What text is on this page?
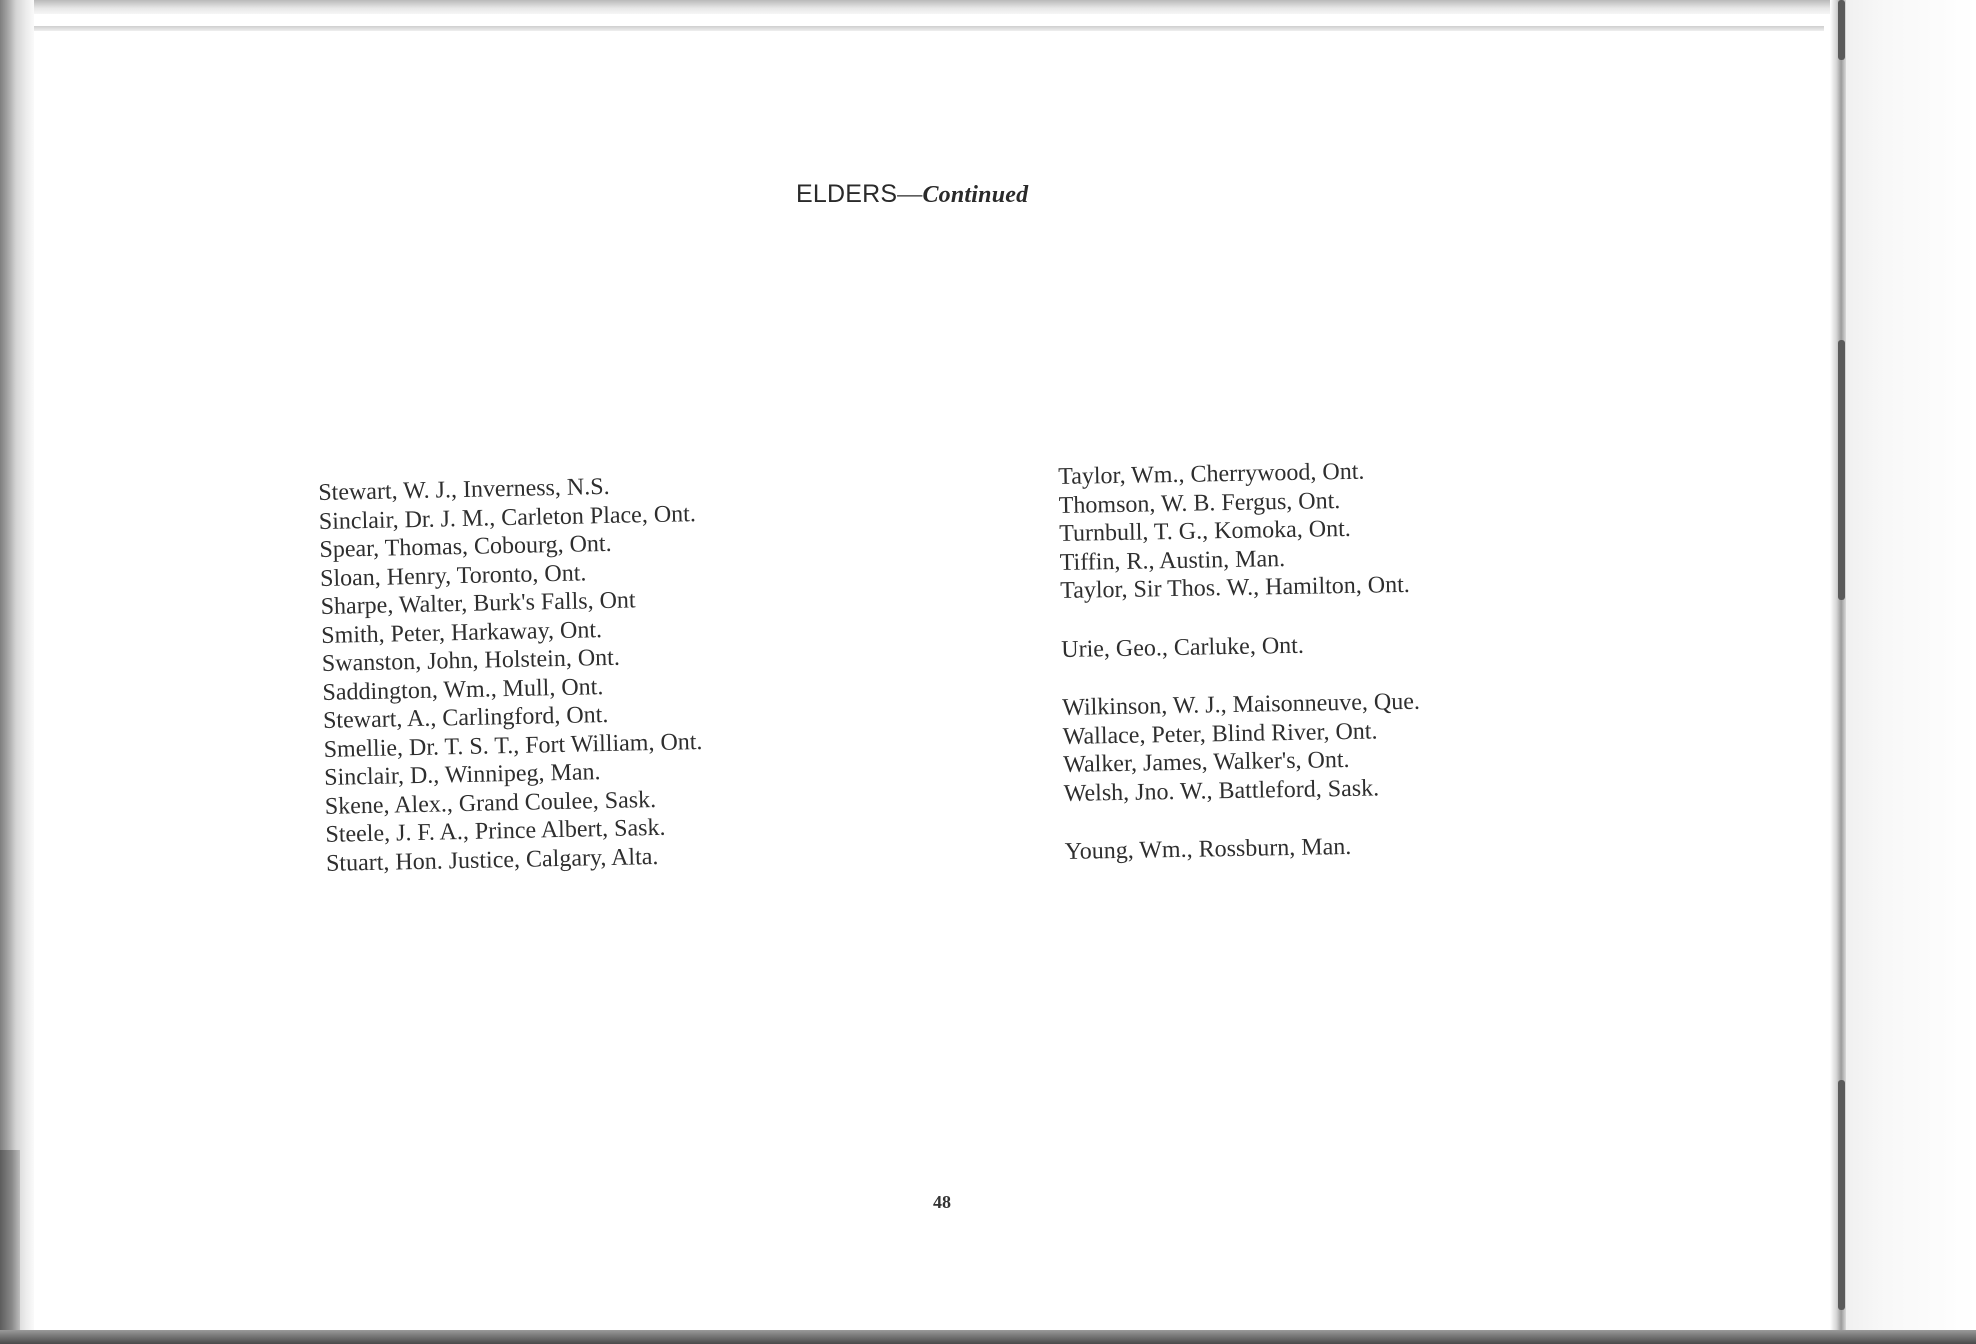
ELDERS—Continued
Stewart, W. J., Inverness, N.S.
Sinclair, Dr. J. M., Carleton Place, Ont.
Spear, Thomas, Cobourg, Ont.
Sloan, Henry, Toronto, Ont.
Sharpe, Walter, Burk's Falls, Ont
Smith, Peter, Harkaway, Ont.
Swanston, John, Holstein, Ont.
Saddington, Wm., Mull, Ont.
Stewart, A., Carlingford, Ont.
Smellie, Dr. T. S. T., Fort William, Ont.
Sinclair, D., Winnipeg, Man.
Skene, Alex., Grand Coulee, Sask.
Steele, J. F. A., Prince Albert, Sask.
Stuart, Hon. Justice, Calgary, Alta.
Taylor, Wm., Cherrywood, Ont.
Thomson, W. B. Fergus, Ont.
Turnbull, T. G., Komoka, Ont.
Tiffin, R., Austin, Man.
Taylor, Sir Thos. W., Hamilton, Ont.
Urie, Geo., Carluke, Ont.
Wilkinson, W. J., Maisonneuve, Que.
Wallace, Peter, Blind River, Ont.
Walker, James, Walker's, Ont.
Welsh, Jno. W., Battleford, Sask.
Young, Wm., Rossburn, Man.
48
